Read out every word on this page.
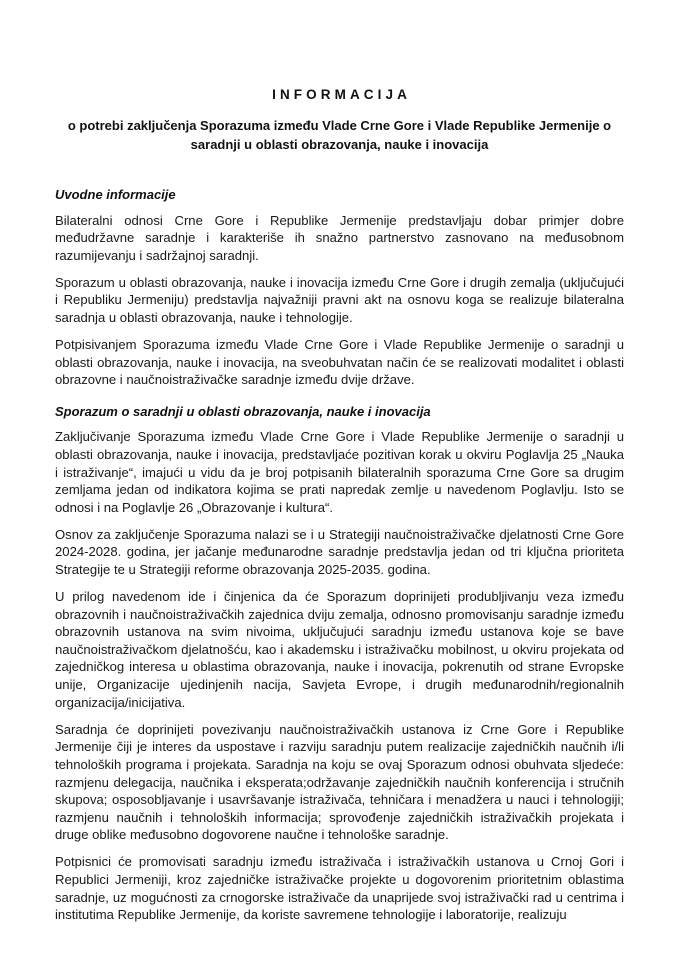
INFORMACIJA
o potrebi zaključenja Sporazuma između Vlade Crne Gore i Vlade Republike Jermenije o saradnji u oblasti obrazovanja, nauke i inovacija
Uvodne informacije

Bilateralni odnosi Crne Gore i Republike Jermenije predstavljaju dobar primjer dobre međudržavne saradnje i karakteriše ih snažno partnerstvo zasnovano na međusobnom razumijevanju i sadržajnoj saradnji.

Sporazum u oblasti obrazovanja, nauke i inovacija između Crne Gore i drugih zemalja (uključujući i Republiku Jermeniju) predstavlja najvažniji pravni akt na osnovu koga se realizuje bilateralna saradnja u oblasti obrazovanja, nauke i tehnologije.

Potpisivanjem Sporazuma između Vlade Crne Gore i Vlade Republike Jermenije o saradnji u oblasti obrazovanja, nauke i inovacija, na sveobuhvatan način će se realizovati modalitet i oblasti obrazovne i naučnoistraživačke saradnje između dvije države.

Sporazum o saradnji u oblasti obrazovanja, nauke i inovacija

Zaključivanje Sporazuma između Vlade Crne Gore i Vlade Republike Jermenije o saradnji u oblasti obrazovanja, nauke i inovacija, predstavljaće pozitivan korak u okviru Poglavlja 25 „Nauka i istraživanje“, imajući u vidu da je broj potpisanih bilateralnih sporazuma Crne Gore sa drugim zemljama jedan od indikatora kojima se prati napredak zemlje u navedenom Poglavlju. Isto se odnosi i na Poglavlje 26 „Obrazovanje i kultura“.

Osnov za zaključenje Sporazuma nalazi se i u Strategiji naučnoistraživačke djelatnosti Crne Gore 2024-2028. godina, jer jačanje međunarodne saradnje predstavlja jedan od tri ključna prioriteta Strategije te u Strategiji reforme obrazovanja 2025-2035. godina.

U prilog navedenom ide i činjenica da će Sporazum doprinijeti produbljivanju veza između obrazovnih i naučnoistraživačkih zajednica dviju zemalja, odnosno promovisanju saradnje između obrazovnih ustanova na svim nivoima, uključujući saradnju između ustanova koje se bave naučnoistraživačkom djelatnošću, kao i akademsku i istraživačku mobilnost, u okviru projekata od zajedničkog interesa u oblastima obrazovanja, nauke i inovacija, pokrenutih od strane Evropske unije, Organizacije ujedinjenih nacija, Savjeta Evrope, i drugih međunarodnih/regionalnih organizacija/inicijativa.

Saradnja će doprinijeti povezivanju naučnoistraživačkih ustanova iz Crne Gore i Republike Jermenije čiji je interes da uspostave i razviju saradnju putem realizacije zajedničkih naučnih i/li tehnoloških programa i projekata. Saradnja na koju se ovaj Sporazum odnosi obuhvata sljedeće: razmjenu delegacija, naučnika i eksperata;održavanje zajedničkih naučnih konferencija i stručnih skupova; osposobljavanje i usavršavanje istraživača, tehničara i menadžera u nauci i tehnologiji; razmjenu naučnih i tehnoloških informacija; sprovođenje zajedničkih istraživačkih projekata i druge oblike međusobno dogovorene naučne i tehnološke saradnje.

Potpisnici će promovisati saradnju između istraživača i istraživačkih ustanova u Crnoj Gori i Republici Jermeniji, kroz zajedničke istraživačke projekte u dogovorenim prioritetnim oblastima saradnje, uz mogućnosti za crnogorske istraživače da unaprijede svoj istraživački rad u centrima i institutima Republike Jermenije, da koriste savremene tehnologije i laboratorije, realizuju
